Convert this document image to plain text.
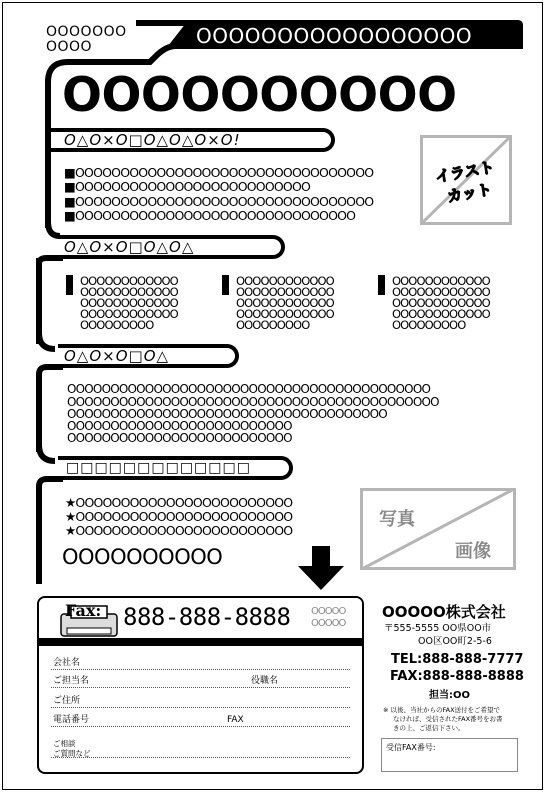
OOOOOOO
OOOO	OOOOOOOOOOOOOOOOO
OOOOOOOOOO
O△O×O□O△O△O×O!
■OOOOOOOOOOOOOOOOOOOOOOOOOOOOOOOOO
■OOOOOOOOOOOOOOOOOOOOOOOOOO
■OOOOOOOOOOOOOOOOOOOOOOOOOOOOOOOOO
■OOOOOOOOOOOOOOOOOOOOOOOOOOOOOOO
イラスト
カット
O△O×O□O△O△
OOOOOOOOOOOO
OOOOOOOOOOOO
OOOOOOOOOOOO
OOOOOOOOOOOO
OOOOOOOOO
OOOOOOOOOOOO
OOOOOOOOOOOO
OOOOOOOOOOOO
OOOOOOOOOOOO
OOOOOOOOO
OOOOOOOOOOOO
OOOOOOOOOOOO
OOOOOOOOOOOO
OOOOOOOOOOOO
OOOOOOOOO
O△O×O□O△
OOOOOOOOOOOOOOOOOOOOOOOOOOOOOOOOOOOOOOOOOO
OOOOOOOOOOOOOOOOOOOOOOOOOOOOOOOOOOOOOOOOOOO
OOOOOOOOOOOOOOOOOOOOOOOOOOOOOOOOOOOOO
OOOOOOOOOOOOOOOOOOOOOOOOOO
OOOOOOOOOOOOOOOOOOOOOOOOOO
□□□□□□□□□□□□□
★OOOOOOOOOOOOOOOOOOOOOOOO
★OOOOOOOOOOOOOOOOOOOOOOOO
★OOOOOOOOOOOOOOOOOOOOOOOO
OOOOOOOOOO
写真
画像
Fax: 888-888-8888 OOOOO
OOOOO
会社名
ご担当名	役職名
ご住所
電話番号	FAX
ご相談
ご質問など
OOOOO株式会社
〒555-5555 OO県OO市
OO区OO町2-5-6
TEL:888-888-7777
FAX:888-888-8888
担当:OO
※ 以後、当社からのFAX送付をご希望で
なければ、受信されたFAX番号をお書
きの上、ご返信下さい。
受信FAX番号:
